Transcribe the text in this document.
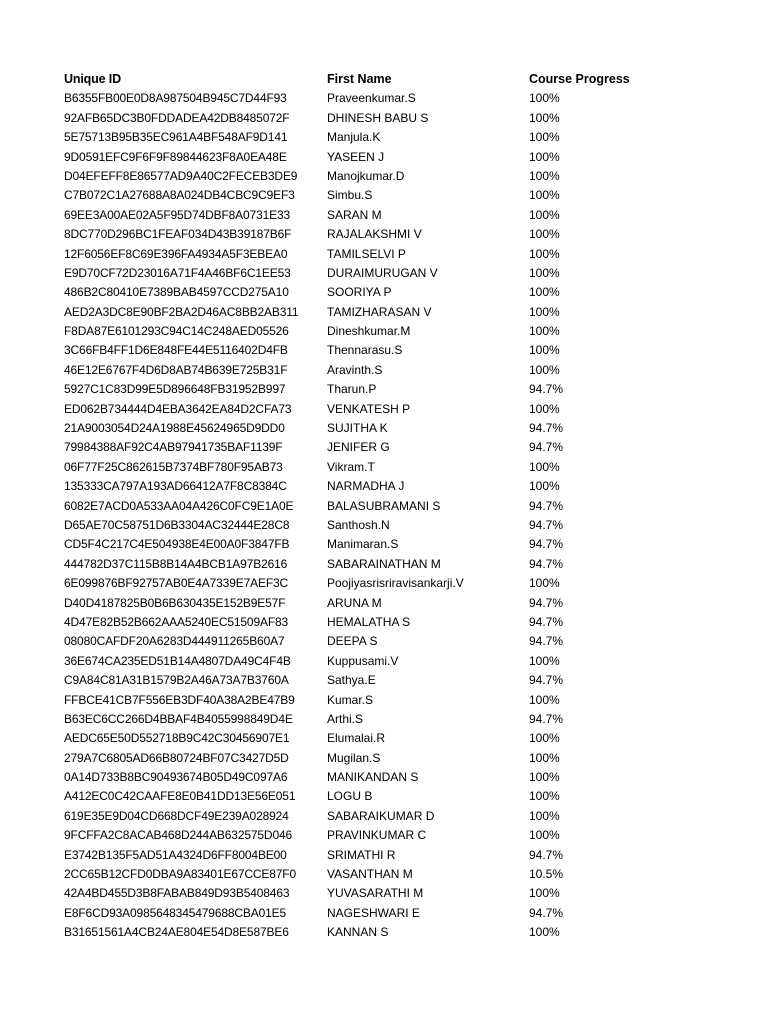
Unique ID	First Name	Course Progress
B6355FB00E0D8A987504B945C7D44F93	Praveenkumar.S	100%
92AFB65DC3B0FDDADEA42DB8485072F	DHINESH BABU S	100%
5E75713B95B35EC961A4BF548AF9D141	Manjula.K	100%
9D0591EFC9F6F9F89844623F8A0EA48E	YASEEN J	100%
D04EFEFF8E86577AD9A40C2FECEB3DE9	Manojkumar.D	100%
C7B072C1A27688A8A024DB4CBC9C9EF3	Simbu.S	100%
69EE3A00AE02A5F95D74DBF8A0731E33	SARAN M	100%
8DC770D296BC1FEAF034D43B39187B6F	RAJALAKSHMI V	100%
12F6056EF8C69E396FA4934A5F3EBEA0	TAMILSELVI P	100%
E9D70CF72D23016A71F4A46BF6C1EE53	DURAIMURUGAN V	100%
486B2C80410E7389BAB4597CCD275A10	SOORIYA P	100%
AED2A3DC8E90BF2BA2D46AC8BB2AB311	TAMIZHARASAN V	100%
F8DA87E6101293C94C14C248AED05526	Dineshkumar.M	100%
3C66FB4FF1D6E848FE44E5116402D4FB	Thennarasu.S	100%
46E12E6767F4D6D8AB74B639E725B31F	Aravinth.S	100%
5927C1C83D99E5D896648FB31952B997	Tharun.P	94.7%
ED062B734444D4EBA3642EA84D2CFA73	VENKATESH P	100%
21A9003054D24A1988E45624965D9DD0	SUJITHA K	94.7%
79984388AF92C4AB97941735BAF1139F	JENIFER G	94.7%
06F77F25C862615B7374BF780F95AB73	Vikram.T	100%
135333CA797A193AD66412A7F8C8384C	NARMADHA J	100%
6082E7ACD0A533AA04A426C0FC9E1A0E	BALASUBRAMANI S	94.7%
D65AE70C58751D6B3304AC32444E28C8	Santhosh.N	94.7%
CD5F4C217C4E504938E4E00A0F3847FB	Manimaran.S	94.7%
444782D37C115B8B14A4BCB1A97B2616	SABARAINATHAN M	94.7%
6E099876BF92757AB0E4A7339E7AEF3C	Poojiyasrisriravisankarji.V	100%
D40D4187825B0B6B630435E152B9E57F	ARUNA M	94.7%
4D47E82B52B662AAA5240EC51509AF83	HEMALATHA S	94.7%
08080CAFDF20A6283D444911265B60A7	DEEPA S	94.7%
36E674CA235ED51B14A4807DA49C4F4B	Kuppusami.V	100%
C9A84C81A31B1579B2A46A73A7B3760A	Sathya.E	94.7%
FFBCE41CB7F556EB3DF40A38A2BE47B9	Kumar.S	100%
B63EC6CC266D4BBAF4B4055998849D4E	Arthi.S	94.7%
AEDC65E50D552718B9C42C30456907E1	Elumalai.R	100%
279A7C6805AD66B80724BF07C3427D5D	Mugilan.S	100%
0A14D733B8BC90493674B05D49C097A6	MANIKANDAN S	100%
A412EC0C42CAAFE8E0B41DD13E56E051	LOGU B	100%
619E35E9D04CD668DCF49E239A028924	SABARAIKUMAR D	100%
9FCFFA2C8ACAB468D244AB632575D046	PRAVINKUMAR C	100%
E3742B135F5AD51A4324D6FF8004BE00	SRIMATHI R	94.7%
2CC65B12CFD0DBA9A83401E67CCE87F0	VASANTHAN M	10.5%
42A4BD455D3B8FABAB849D93B5408463	YUVASARATHI M	100%
E8F6CD93A0985648345479688CBA01E5	NAGESHWARI E	94.7%
B31651561A4CB24AE804E54D8E587BE6	KANNAN S	100%
